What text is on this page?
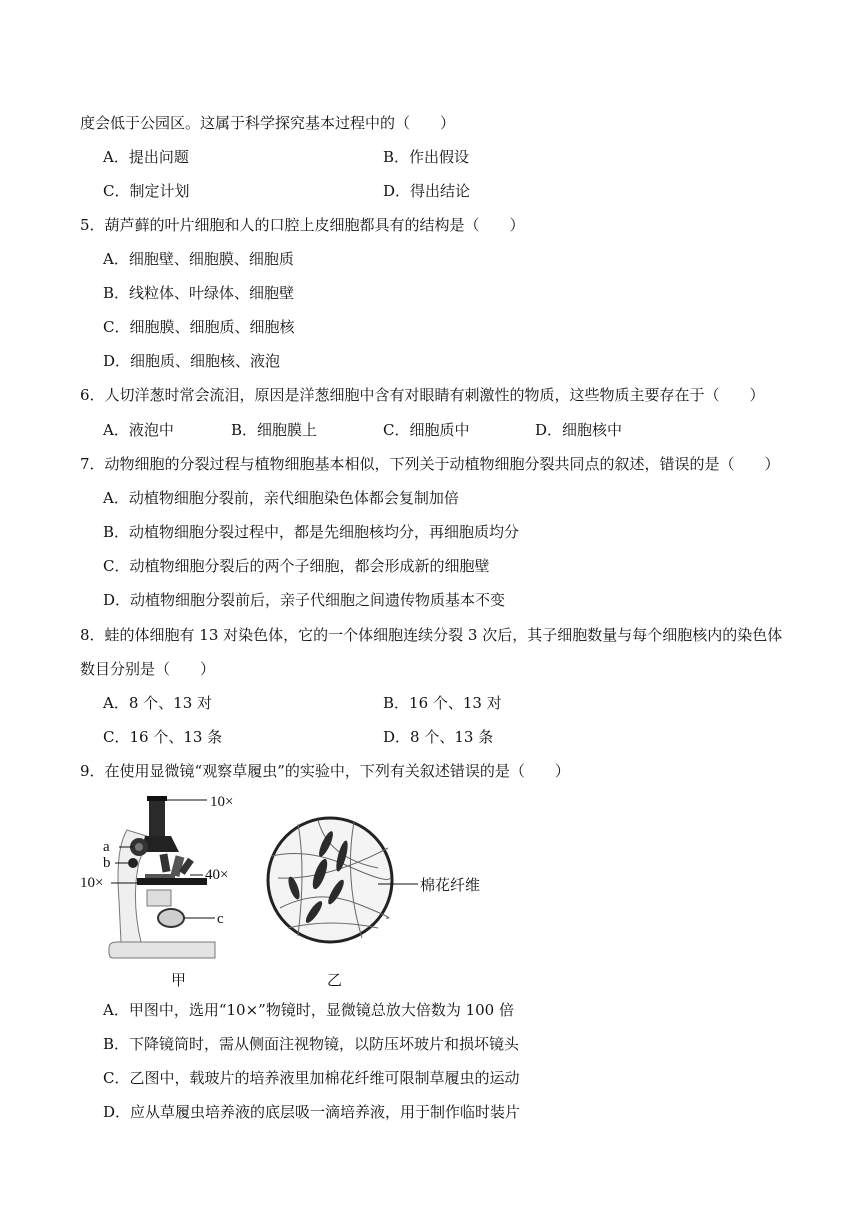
度会低于公园区。这属于科学探究基本过程中的（　　）
A．提出问题	B．作出假设
C．制定计划	D．得出结论
5．葫芦藓的叶片细胞和人的口腔上皮细胞都具有的结构是（　　）
A．细胞壁、细胞膜、细胞质
B．线粒体、叶绿体、细胞壁
C．细胞膜、细胞质、细胞核
D．细胞质、细胞核、液泡
6．人切洋葱时常会流泪，原因是洋葱细胞中含有对眼睛有刺激性的物质，这些物质主要存在于（　　）
A．液泡中	B．细胞膜上	C．细胞质中	D．细胞核中
7．动物细胞的分裂过程与植物细胞基本相似，下列关于动植物细胞分裂共同点的叙述，错误的是（　　）
A．动植物细胞分裂前，亲代细胞染色体都会复制加倍
B．动植物细胞分裂过程中，都是先细胞核均分，再细胞质均分
C．动植物细胞分裂后的两个子细胞，都会形成新的细胞壁
D．动植物细胞分裂前后，亲子代细胞之间遗传物质基本不变
8．蛙的体细胞有 13 对染色体，它的一个体细胞连续分裂 3 次后，其子细胞数量与每个细胞核内的染色体
数目分别是（　　）
A．8 个、13 对	B．16 个、13 对
C．16 个、13 条	D．8 个、13 条
9．在使用显微镜“观察草履虫”的实验中，下列有关叙述错误的是（　　）
10×
a
b
10×	40×
c
甲
棉花纤维
乙
A．甲图中，选用“10×”物镜时，显微镜总放大倍数为 100 倍
B．下降镜筒时，需从侧面注视物镜，以防压坏玻片和损坏镜头
C．乙图中，载玻片的培养液里加棉花纤维可限制草履虫的运动
D．应从草履虫培养液的底层吸一滴培养液，用于制作临时装片
